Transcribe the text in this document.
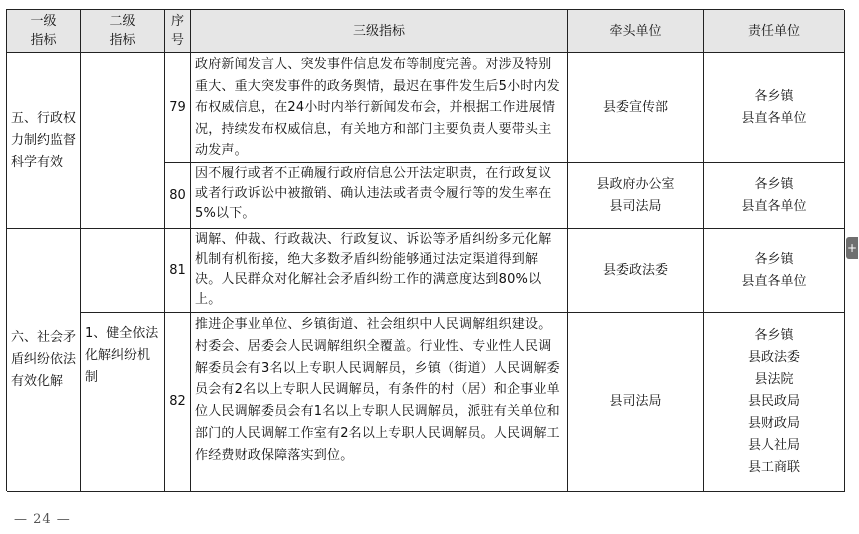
一级
指标
二级
指标
序
号
三级指标	牵头单位	责任单位
五、行政权力制约监督科学有效
79
政府新闻发言人、突发事件信息发布等制度完善。对涉及特别重大、重大突发事件的政务舆情，最迟在事件发生后5小时内发布权威信息，在24小时内举行新闻发布会，并根据工作进展情况，持续发布权威信息，有关地方和部门主要负责人要带头主动发声。
县委宣传部
各乡镇
县直各单位
80
因不履行或者不正确履行政府信息公开法定职责，在行政复议或者行政诉讼中被撤销、确认违法或者责令履行等的发生率在5%以下。
县政府办公室
县司法局
各乡镇
县直各单位
六、社会矛盾纠纷依法有效化解
1、健全依法化解纠纷机制
81
调解、仲裁、行政裁决、行政复议、诉讼等矛盾纠纷多元化解机制有机衔接，绝大多数矛盾纠纷能够通过法定渠道得到解决。人民群众对化解社会矛盾纠纷工作的满意度达到80%以上。
县委政法委
各乡镇
县直各单位
82
推进企事业单位、乡镇街道、社会组织中人民调解组织建设。村委会、居委会人民调解组织全覆盖。行业性、专业性人民调解委员会有3名以上专职人民调解员，乡镇（街道）人民调解委员会有2名以上专职人民调解员，有条件的村（居）和企事业单位人民调解委员会有1名以上专职人民调解员，派驻有关单位和部门的人民调解工作室有2名以上专职人民调解员。人民调解工作经费财政保障落实到位。
县司法局
各乡镇
县政法委
县法院
县民政局
县财政局
县人社局
县工商联
— 24 —
+
